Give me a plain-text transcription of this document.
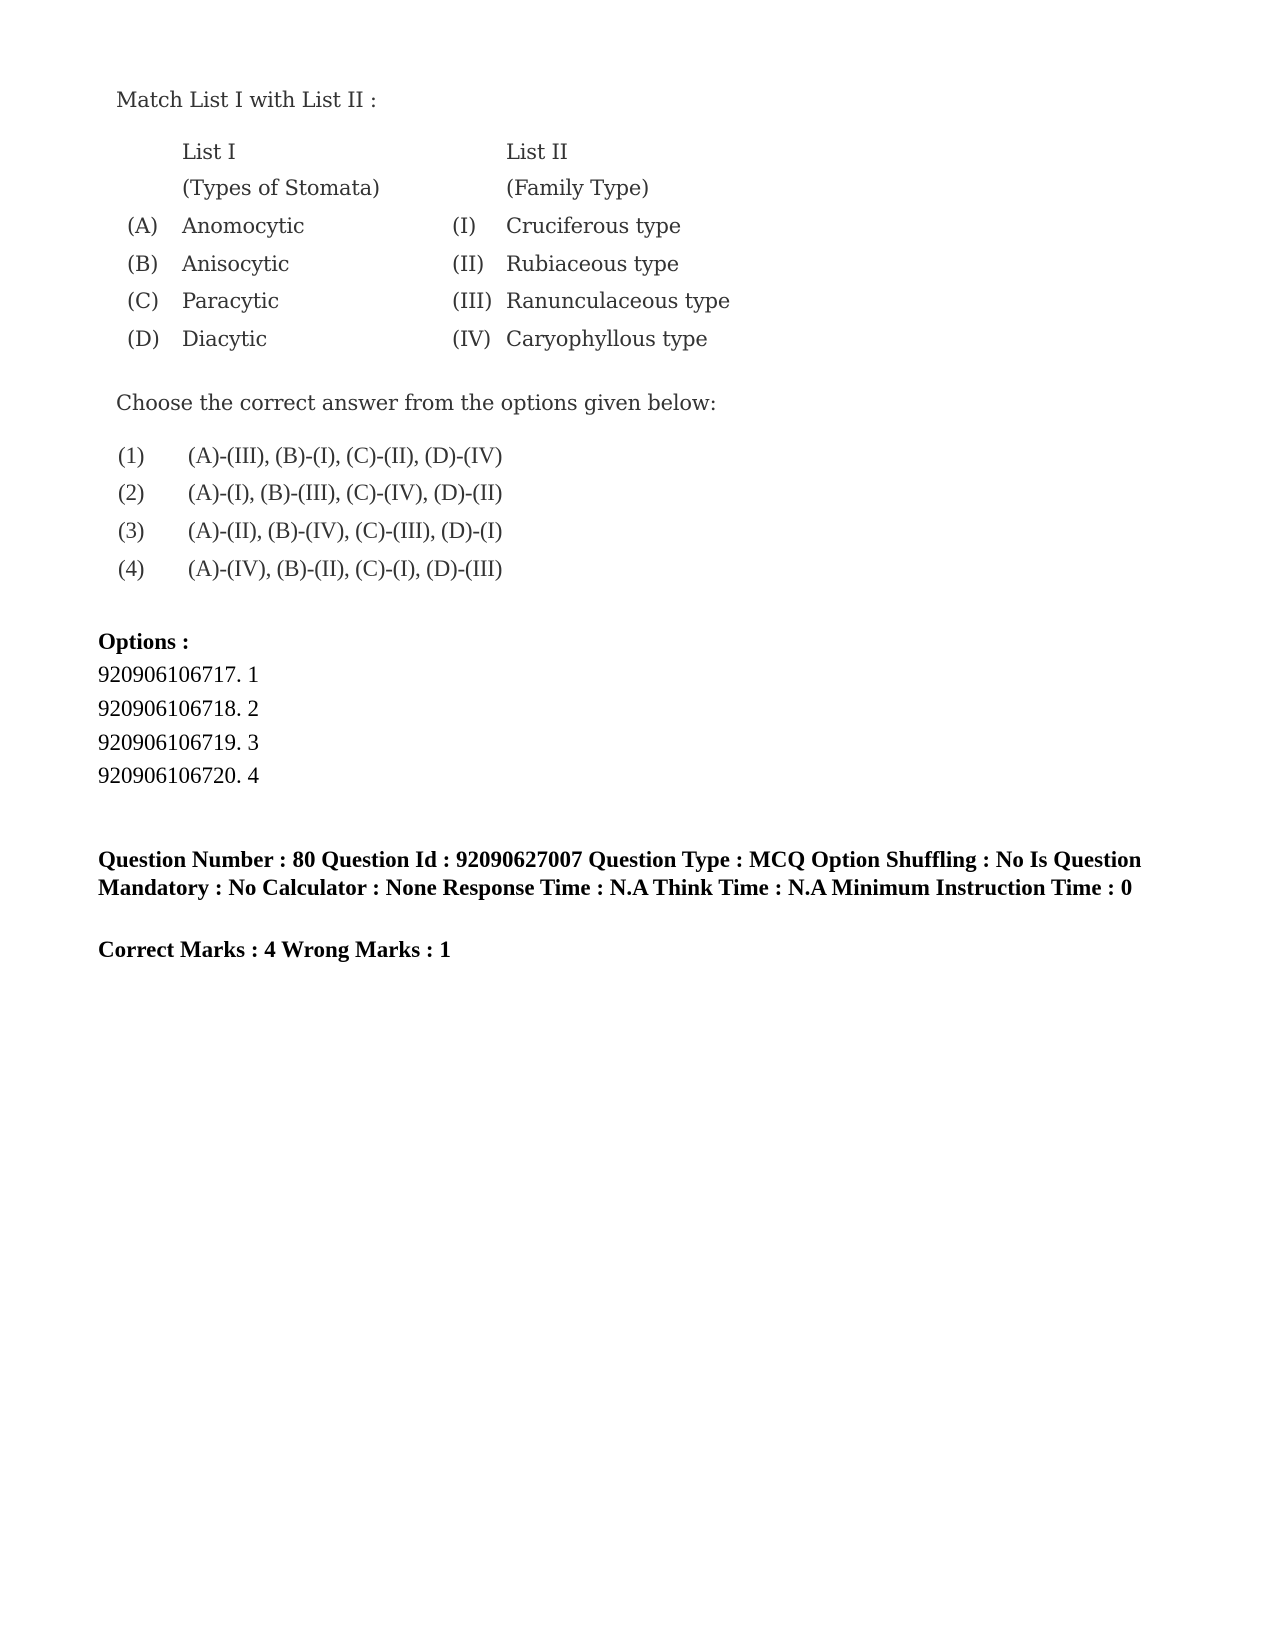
Match List I with List II :
List I
(Types of Stomata)
List II
(Family Type)
(A) Anomocytic	(I) Cruciferous type
(B) Anisocytic	(II) Rubiaceous type
(C) Paracytic	(III) Ranunculaceous type
(D) Diacytic	(IV) Caryophyllous type
Choose the correct answer from the options given below:
(1) (A)-(III), (B)-(I), (C)-(II), (D)-(IV)
(2) (A)-(I), (B)-(III), (C)-(IV), (D)-(II)
(3) (A)-(II), (B)-(IV), (C)-(III), (D)-(I)
(4) (A)-(IV), (B)-(II), (C)-(I), (D)-(III)
Options :
920906106717. 1
920906106718. 2
920906106719. 3
920906106720. 4
Question Number : 80 Question Id : 92090627007 Question Type : MCQ Option Shuffling : No Is Question Mandatory : No Calculator : None Response Time : N.A Think Time : N.A Minimum Instruction Time : 0
Correct Marks : 4 Wrong Marks : 1
